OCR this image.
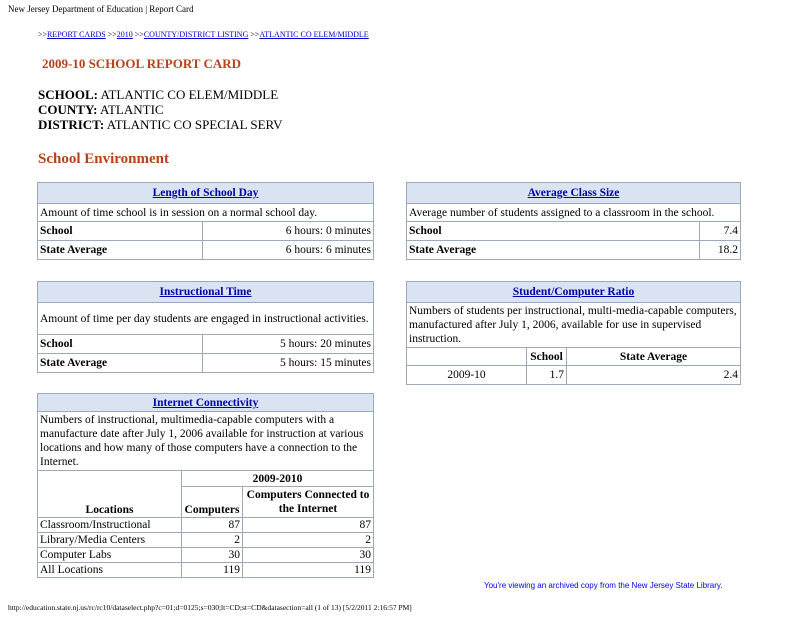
New Jersey Department of Education | Report Card
>>REPORT CARDS >>2010 >>COUNTY/DISTRICT LISTING >>ATLANTIC CO ELEM/MIDDLE
2009-10 SCHOOL REPORT CARD
SCHOOL: ATLANTIC CO ELEM/MIDDLE
COUNTY: ATLANTIC
DISTRICT: ATLANTIC CO SPECIAL SERV
School Environment
Length of School Day	
Amount of time school is in session on a normal school day.	
School	6 hours: 0 minutes
State Average	6 hours: 6 minutes
Average Class Size	
Average number of students assigned to a classroom in the school.	
School	7.4
State Average	18.2
Instructional Time	
Amount of time per day students are engaged in instructional activities.	
School	5 hours: 20 minutes
State Average	5 hours: 15 minutes
Student/Computer Ratio		
Numbers of students per instructional, multi-media-capable computers, manufactured after July 1, 2006, available for use in supervised instruction.		
	School	State Average
2009-10	1.7	2.4
Internet Connectivity		
Numbers of instructional, multimedia-capable computers with a manufacture date after July 1, 2006 available for instruction at various locations and how many of those computers have a connection to the Internet.		
Locations	2009-2010	
	Computers	Computers Connected to the Internet
Classroom/Instructional	87	87
Library/Media Centers	2	2
Computer Labs	30	30
All Locations	119	119
You're viewing an archived copy from the New Jersey State Library.
http://education.state.nj.us/rc/rc10/dataselect.php?c=01;d=0125;s=030;lt=CD;st=CD&datasection=all (1 of 13) [5/2/2011 2:16:57 PM]
